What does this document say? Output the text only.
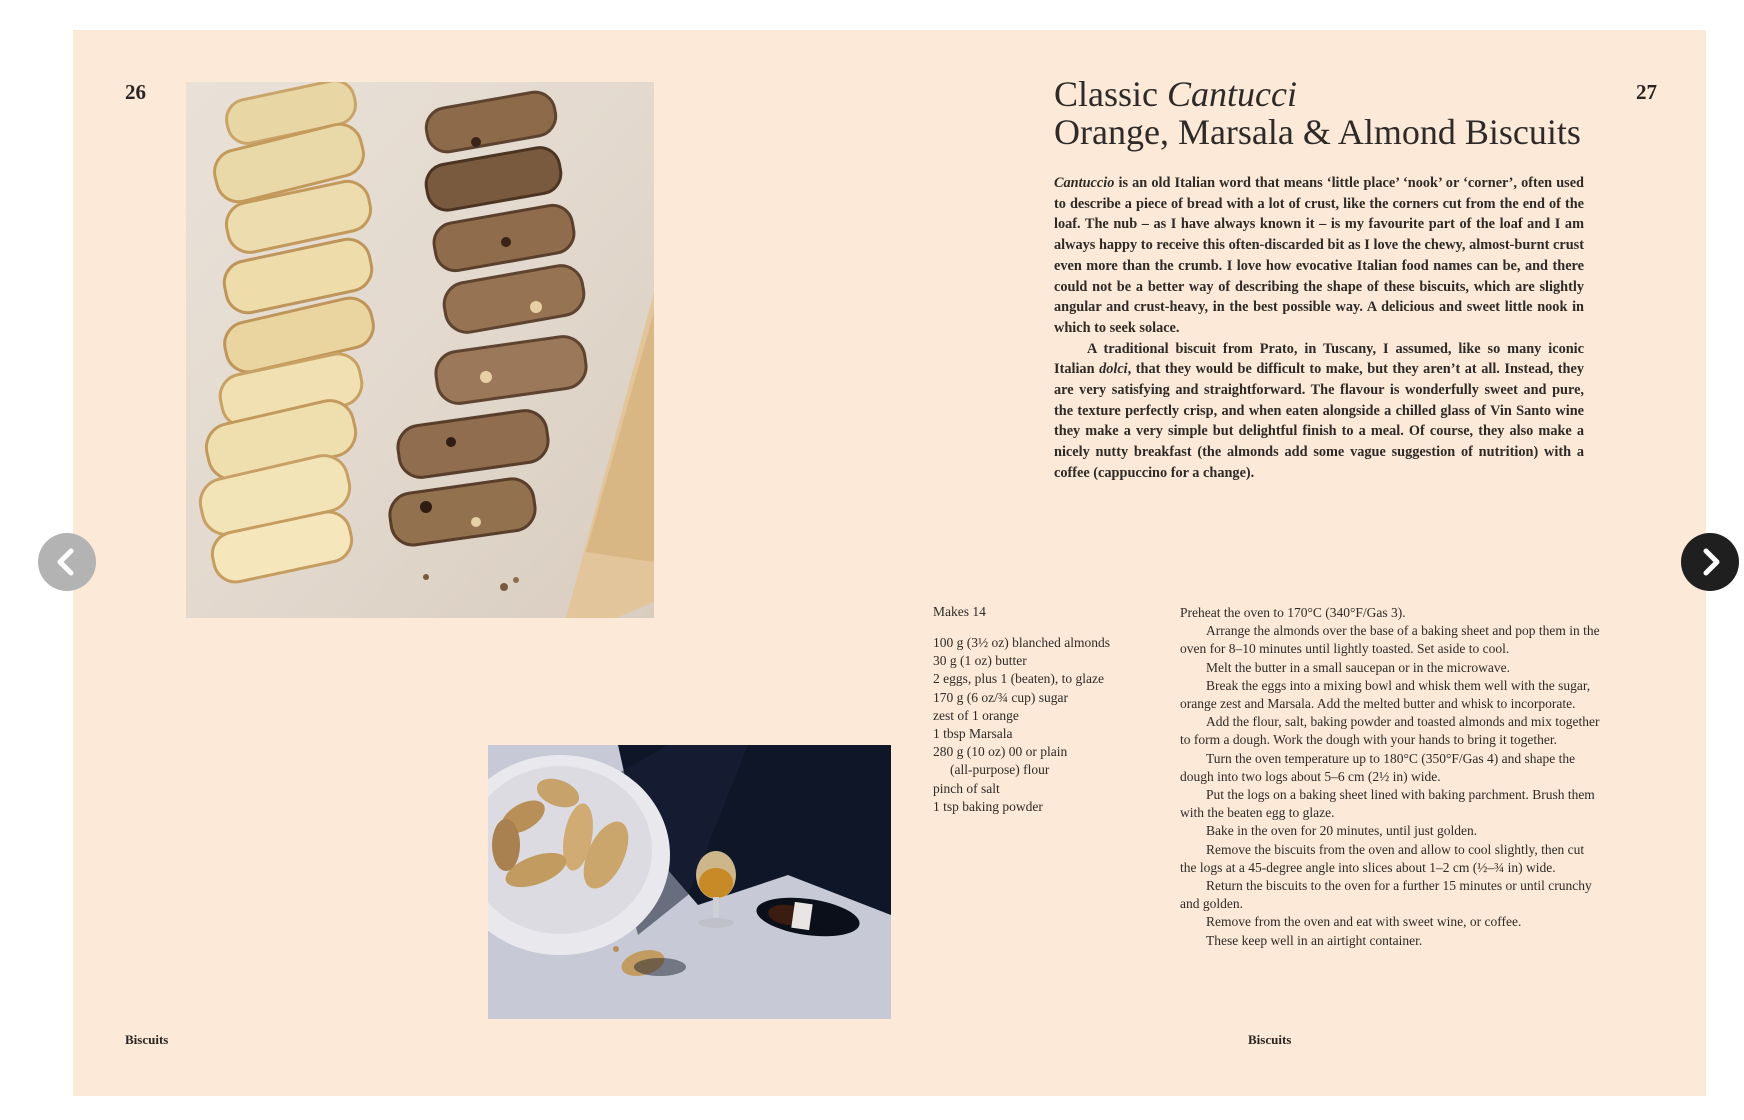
26
Biscuits
Classic Cantucci
Orange, Marsala & Almond Biscuits
27

Cantuccio is an old Italian word that means ‘little place’ ‘nook’ or ‘corner’, often used to describe a piece of bread with a lot of crust, like the corners cut from the end of the loaf. The nub – as I have always known it – is my favourite part of the loaf and I am always happy to receive this often-discarded bit as I love the chewy, almost-burnt crust even more than the crumb. I love how evocative Italian food names can be, and there could not be a better way of describing the shape of these biscuits, which are slightly angular and crust-heavy, in the best possible way. A delicious and sweet little nook in which to seek solace.

A traditional biscuit from Prato, in Tuscany, I assumed, like so many iconic Italian dolci, that they would be difficult to make, but they aren’t at all. Instead, they are very satisfying and straightforward. The flavour is wonderfully sweet and pure, the texture perfectly crisp, and when eaten alongside a chilled glass of Vin Santo wine they make a very simple but delightful finish to a meal. Of course, they also make a nicely nutty breakfast (the almonds add some vague suggestion of nutrition) with a coffee (cappuccino for a change).

Makes 14
100 g (3½ oz) blanched almonds
30 g (1 oz) butter
2 eggs, plus 1 (beaten), to glaze
170 g (6 oz/¾ cup) sugar
zest of 1 orange
1 tbsp Marsala
280 g (10 oz) 00 or plain
(all-purpose) flour
pinch of salt
1 tsp baking powder

Preheat the oven to 170°C (340°F/Gas 3).

Arrange the almonds over the base of a baking sheet and pop them in the oven for 8–10 minutes until lightly toasted. Set aside to cool.

Melt the butter in a small saucepan or in the microwave.

Break the eggs into a mixing bowl and whisk them well with the sugar, orange zest and Marsala. Add the melted butter and whisk to incorporate.

Add the flour, salt, baking powder and toasted almonds and mix together to form a dough. Work the dough with your hands to bring it together.

Turn the oven temperature up to 180°C (350°F/Gas 4) and shape the dough into two logs about 5–6 cm (2½ in) wide.

Put the logs on a baking sheet lined with baking parchment. Brush them with the beaten egg to glaze.

Bake in the oven for 20 minutes, until just golden.

Remove the biscuits from the oven and allow to cool slightly, then cut the logs at a 45-degree angle into slices about 1–2 cm (½–¾ in) wide.

Return the biscuits to the oven for a further 15 minutes or until crunchy and golden.

Remove from the oven and eat with sweet wine, or coffee.

These keep well in an airtight container.

Biscuits
